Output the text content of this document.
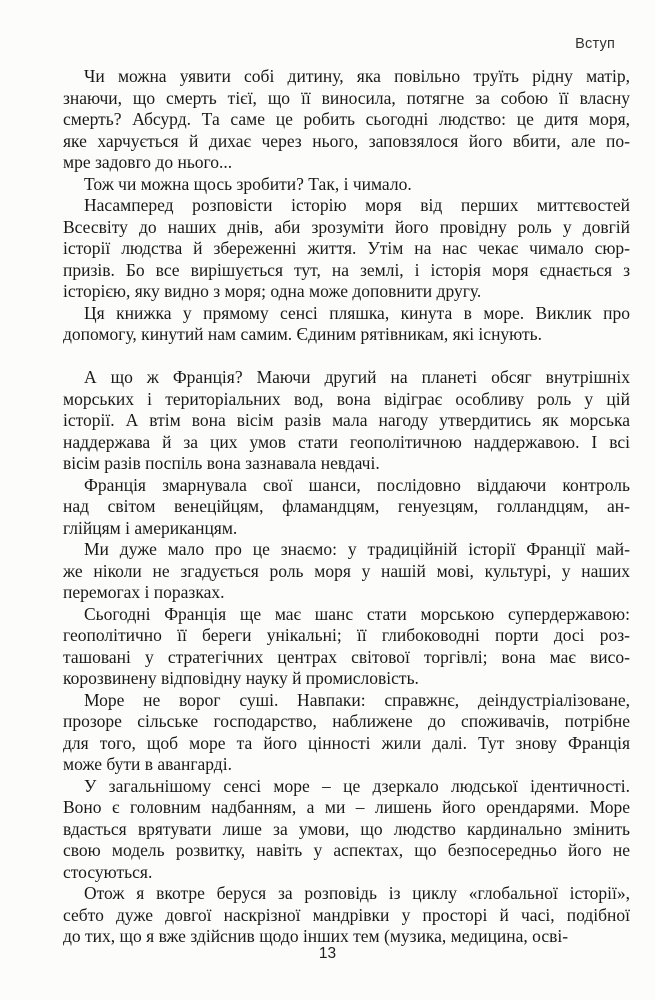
Вступ

Чи можна уявити собі дитину, яка повільно труїть рідну матір,
знаючи, що смерть тієї, що її виносила, потягне за собою її власну
смерть? Абсурд. Та саме це робить сьогодні людство: це дитя моря,
яке харчується й дихає через нього, заповзялося його вбити, але по-
мре задовго до нього...

Тож чи можна щось зробити? Так, і чимало.

Насамперед розповісти історію моря від перших миттєвостей
Всесвіту до наших днів, аби зрозуміти його провідну роль у довгій
історії людства й збереженні життя. Утім на нас чекає чимало сюр-
призів. Бо все вирішується тут, на землі, і історія моря єднається з
історією, яку видно з моря; одна може доповнити другу.

Ця книжка у прямому сенсі пляшка, кинута в море. Виклик про
допомогу, кинутий нам самим. Єдиним рятівникам, які існують.

А що ж Франція? Маючи другий на планеті обсяг внутрішніх
морських і територіальних вод, вона відіграє особливу роль у цій
історії. А втім вона вісім разів мала нагоду утвердитись як морська
наддержава й за цих умов стати геополітичною наддержавою. І всі
вісім разів поспіль вона зазнавала невдачі.

Франція змарнувала свої шанси, послідовно віддаючи контроль
над світом венеційцям, фламандцям, генуезцям, голландцям, ан-
глійцям і американцям.

Ми дуже мало про це знаємо: у традиційній історії Франції май-
же ніколи не згадується роль моря у нашій мові, культурі, у наших
перемогах і поразках.

Сьогодні Франція ще має шанс стати морською супердержавою:
геополітично її береги унікальні; її глибоководні порти досі роз-
ташовані у стратегічних центрах світової торгівлі; вона має висо-
корозвинену відповідну науку й промисловість.

Море не ворог суші. Навпаки: справжнє, деіндустріалізоване,
прозоре сільське господарство, наближене до споживачів, потрібне
для того, щоб море та його цінності жили далі. Тут знову Франція
може бути в авангарді.

У загальнішому сенсі море – це дзеркало людської ідентичності.
Воно є головним надбанням, а ми – лишень його орендарями. Море
вдасться врятувати лише за умови, що людство кардинально змінить
свою модель розвитку, навіть у аспектах, що безпосередньо його не
стосуються.

Отож я вкотре беруся за розповідь із циклу «глобальної історії»,
себто дуже довгої наскрізної мандрівки у просторі й часі, подібної
до тих, що я вже здійснив щодо інших тем (музика, медицина, осві-

13
